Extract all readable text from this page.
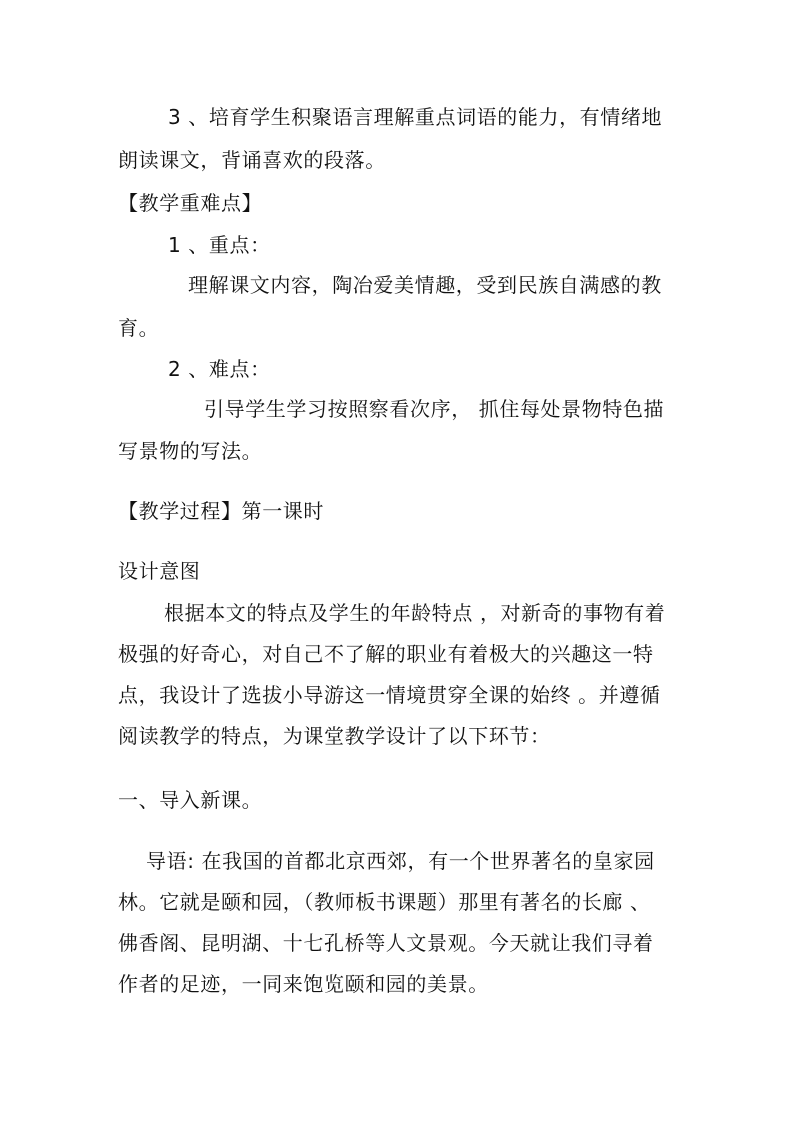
3 、培育学生积聚语言理解重点词语的能力，有情绪地
朗读课文，背诵喜欢的段落。
【教学重难点】
1 、重点：
理解课文内容，陶冶爱美情趣，受到民族自满感的教
育。
2 、难点：
引导学生学习按照察看次序， 抓住每处景物特色描
写景物的写法。
【教学过程】第一课时
设计意图
根据本文的特点及学生的年龄特点 ，对新奇的事物有着
极强的好奇心，对自己不了解的职业有着极大的兴趣这一特
点，我设计了选拔小导游这一情境贯穿全课的始终 。并遵循
阅读教学的特点，为课堂教学设计了以下环节：
一、导入新课。
导语: 在我国的首都北京西郊，有一个世界著名的皇家园
林。它就是颐和园，（教师板书课题）那里有著名的长廊 、
佛香阁、昆明湖、十七孔桥等人文景观。今天就让我们寻着
作者的足迹，一同来饱览颐和园的美景。
